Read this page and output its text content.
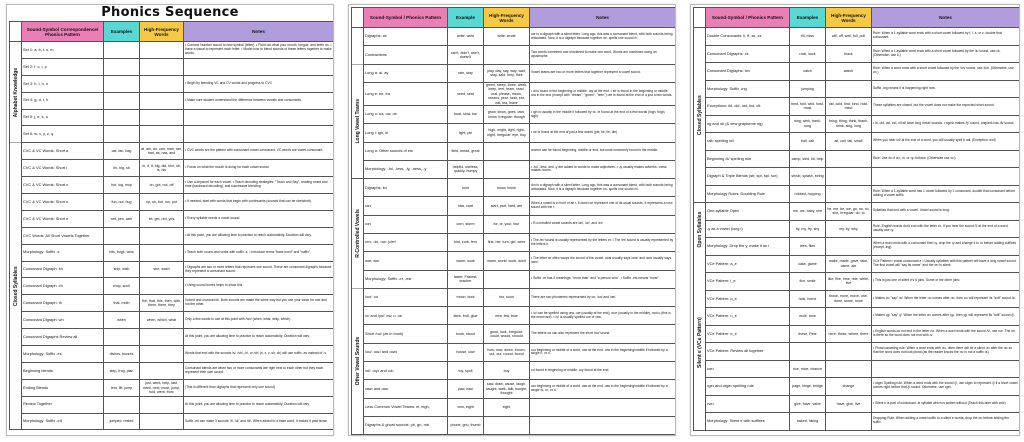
Phonics Sequence
	Sound-Symbol Correspondence/ Phonics Pattern	Examples	High-Frequency Words	Notes
Alphabet Knowledge	Set 1: a, b, t, s, m			• Connect Number sound to new symbol (letter). • Point out what your mouth, tongue, and teeth do. • Have a visual to represent each letter. • Model how to blend sounds of these letters together to make words.
	Set 2: f, c, i, p			
	Set 3: h, l, n, o			• Begin by blending VC and CV words and progress to CVC
	Set 4: g, d, r, h			• Make sure student understand the difference between vowels and consonants.
	Set 5: j, e, k, u			
	Set 6: w, x, y, z, q			
Closed Syllables	CVC & VC Words: Short a	cat, fan, bag	at, am, an, can, man, ran, had, as, has, and	• CVC words are the pattern with consonant-vowel-consonant. VC words are vowel-consonant.
	CVC & VC Words: Short i	fin, big, sit	in, if, it, big, did, him, sit, is, his	• Focus on what the mouth is doing for each vowel sound.
	CVC & VC Words: Short o	hot, log, mop	on, got, not, off	• Use a keyword for each vowel. • Teach decoding strategies: "Touch and Say", reading onset and rime (backward decoding), and successive blending
	CVC & VC Words: Short u	fun, nut, hug	up, us, but, run, put	• If needed, start with words that begin with continuants (sounds that can be stretched).
	CVC & VC Words: Short e	net, pen, web	let, get, red, yes	• Every syllable needs a vowel sound.
	CVC Words: All Short Vowels Together			• At this point, you are allowing time to practice to reach automaticity. Duration will vary.
	Morphology: Suffix -s	hits, bugs, wins		• Teach both nouns and verbs with suffix -s. • Introduce terms "base word" and "suffix".
	Consonant Digraph: sh	ship, wish	she, wash	• Digraphs are two or more letters that represent one sound. These are consonant digraphs because they represent a consonant sound.
	Consonant Digraph: ch	chop, such		• Using sound boxes helps to show this
	Consonant Digraph: th	that, moth	the, that, this, then, with, them, there, they	Voiced and unvoiced th. Both sounds are made the same way but you use your voice for one and not the other.
	Consonant Digraph: wh	when	when, which, what	Only a few words to use at this point with /wh/ (when, what, whip, which).
	Consonant Digraphs Review all			At this point, you are allowing time to practice to reach automaticity. Duration will vary.
	Morphology: Suffix -es	dishes, buzzes		Words that end with the sounds /s/, /sh/, /z/, or /ch/ (s, x, z, sh, ch) will use suffix -es instead of -s
	Beginning blends	step, frog, plan		Consonant blends are when two or more consonants are right next to each other but they each represent their own sound.
	Ending Blends	tent, lift, jump	just, went, help, last, want, next, must, jump, told, went, from	(This is different than digraphs that represent only one sound)
	Review Together			At this point, you are allowing time to practice to reach automaticity. Duration will vary.
	Morphology: Suffix -ed	jumped, rested		Suffix -ed can make 3 sounds: /t/, /d/, and /id/. When added to a base word, it makes it past tense.
	Sound-Symbol / Phonics Pattern	Example	High-Frequency Words	Notes
	Digraphs: wr	write, wrist	write, wrote	•wr is a digraph with a silent letter. Long ago, this was a consonant blend, with both sounds being articulated. Now, it is a digraph because together wr- spells one sound /r/.
	Contractions	can't, didn't, won't, doesn't		Two words combined and shortened to make one word. Words are combined using an apostrophe.
Long Vowel Teams	Long a: ai, ay	rain, stay	play, day, say, way, wait, stay, said, they, their	Vowel teams are two or more letters that together represent a vowel sound.
	Long e: ee, ea	seed, seat	green, sleep, three, week, keep, feet, team, read, real, please, mean, means, year, hear, ear, eat, tea, leave	• ai is found in the beginning or middle. •ay at the end. • ee is found in the beginning or middle. •ea in the end (except with "dream", "green", "teen") •ee is found at the end of a just a few words.
	Long o: oa, ow, oe	boat, slow, toe	grow, show, goes, own, know, Irregular: though	• igh is usually in the middle if followed by •t•. Ie found at the end of a few words (high, thigh, sigh).
	Long i: igh, ie	light, pie	high, might, light, right, night, Irregular: eye, buy	• ue is found at the end of just a few words (pie, tie, lie, die)
	Long u: Other sounds of ew	field, bread, great		•ew/ue can be found beginning, middle or end, but most commonly found in the middle.
	Morphology: -ful, -less, -ly, -ness, -y	helpful, useless, quickly, bumpy		• -ful, -less, and -y are added to words to make adjectives. • -ly usually makes adverbs. •ness makes nouns.
R-Controlled Vowels	Digraphs: kn	knot	know, knew	•kn is a digraph with a silent letter. Long ago, this was a consonant blend, with both sounds being articulated. Now, it is a digraph because together kn- spells one sound /n/.
	•ar•	star, card	start, part, hard, are	When a vowel is in front of an r, it does not represent one of its usual sounds. It represents a new sound with the r.
	•or•	corn, storm	for, or, your, four	• R-controlled vowel sounds are /ar/, /or/, and /er/
	•er•, •ir•, •ur• (•/er/	bird, curb, fern	first, her, turn, girl, were	• The /er/ sound is usually represented by the letters er. • The /er/ sound is usually represented by the letters ir.
	war, wor	warm, work	warm, world, work, word	• The letter wr often warps the sound of the vowel. •war usually says /wor/ and •wor usually says /wer/.
	Morphology: Suffix -er, -est	faster, Fastest, teacher		• Suffix -er has 2 meanings: "more than" and "a person who". • Suffix -est means "most".
Other Vowel Sounds	/oo/: oo	moon, boot	too, soon	There are two phonemes represented by oo: /oo/ and /ue/.
	/u/ and /yu/: ew, u, ue	stew, fruit, glue	new, few, blue	• /u/ can be spelled using •ew, •ue (usually at the end), •u•e (usually in the middle), and u (this is the most rare). • /u/ is usually spelled •ue or •ew.
	Short /oo/ (as in book)	book, stood	good, look, Irregular: could, would, should	The letters oo can also represent the short /oo/ sound.
	/ou/: •ou• and •ow•	house, cow	how, now, down, brown, out, our, round, found	•ou beginning or middle of a word. •ow at the end. •ow in the beginning/middle if followed by a single n, or •l.
	/oi/: •oy• and •oi•	toy, spoil	boy	•oi found in beginning or middle. •oy found at the end.
	•aw• and •au•	paw, haul	saw, draw, cause, laugh, caught, walk, talk, bought, thought	•au beginning or middle of a word. •aw at the end. •aw in the beginning/middle if followed by a single •k, •n, or •l.
	Less Common Vowel Teams: ei, eigh,	vein, eight	eight	
	Digraphs & ghost sounds: ph, gn, mb	phone, gnu, thumb		
	Sound-Symbol / Phonics Pattern	Examples	High-Frequency Words	Notes
Closed Syllables	Double Consonants: ll, ff, ss, zz	fill, miss	will, off, well, full, pull	Rule: When a 1-syllable word ends with a short vowel followed by f, l, s, or z, double that consonant.
	Consonant Digraphs: ck	rock, sock	black	Rule: When a 1-syllable word ends with a short vowel followed by the /k/ sound, use ck. (Otherwise, use k.)
	Consonant Digraphs: tch	catch	watch	Rule: When a word ends with a short vowel followed by the /ch/ sound, use •tch. (Otherwise, use ch.)
	Morphology: Suffix -ing	jumping		Suffix -ing means it is happening right now.
	Exceptions: ild, old, ost, ind, olt	bind, fold, wild, host, most	old, cold, find, kind, hold, mind	These syllables are closed, but the vowel does not make the expected short sound.
	ng and nk (& new grapheme ng)	sing, wink, bank, rung	bring, thing, think, thank, drink, sing, long	• ld, old, ost, ind, olt all have long vowel sounds. • ng/nk makes /ŋ/ sound, ang/ank has /ā/ sound.
	•all• spelling /ol/	ball, call	all, call, tall, small	When you hear /ol/ at the end of a word, you will usually spell it •all. (Exception: doll)
	Beginning /k/ spelling rule	camp, sled, kit, help		Rule: Use •k• if •e•, •i•, or •y• follows. (Otherwise use •c•).
	Digraph & Triple Blends (str, spr, spl, scr)	shrub, splash, string		
	Morphology Rules: Doubling Rule	robbed, hopping		Rule: When a 1-syllable word has 1 vowel followed by 1 consonant, double that consonant before adding a vowel suffix.
Open Syllables	One-syllable Open	me, we, baby, she	he, me, be, we, go, no, so, she, Irregular: do, to	Syllables that end with a vowel. Vowel sound is long.
	-y as a vowel (long i)	by, my, fry, shy	my, by, why	Rule: English words don't end with the letter •i•. If you hear the sound /ī/ at the end of a word, usually use •y.
	Morphology: Drop the y, make it an i	tries, flies		When a word ends with a consonant then •y, drop the •y and change it to •i• before adding suffixes (except -ing).
Silent e (VCe Pattern)	VCe Pattern: a_e	cake, game	make, made, gave, take, came, ate	VCe Pattern= vowel-consonant-e • Usually syllables with this pattern will have a long vowel sound. The first vowel will "say its name" and the •e• is silent.
	VCe Pattern: i_e	five, smile	like, five, time, ride, white, live	• This is just one of silent e's 6 jobs. Some of the other jobs:
	VCe Pattern: o_e	hole, home	those, more, move, one, done, some, none	• Makes •c• "say" /s/. When the letter •c• comes after •e•, then •c• will represent its "soft" sound /s/.
	VCe Pattern: u_e	mule, tune		• Makes •g• "say" /j/. When the letter •e• comes after •g•, then •g• will represent its "soft" sound /j/.
	VCe Pattern: e_e	these, Pete	here, these, where, there	• English words do not end in the letter •v•. When a word ends with the sound /v/, use •ve. The •e• is there so the word does not end with •v.
	VCe Pattern: Review all together			• Plural canceling rule: When a word ends with •s•, often there will be a silent •e• after the •s• so that the word does not look plural (as the reader knows the •s• is not a suffix •s).
	•ce•	rice, mice, chance		
	•ge• and •dge• spelling rule	page, hinge, bridge	change	• •dge• Spelling rule: When a word ends with the sound /j/, use •dge• to represent /j/ if a short vowel comes right before that /j/ sound. Otherwise, use •ge•.
	•ve•	give, have, valve	have, give, live	• Silent e is part of consonant -le syllable which is written without (Teach this later with cvle)
	Morphology: Silent e with suffixes	baked, hiking		Dropping Rule: When adding a vowel suffix to a silent e words, drop the •e• before adding the suffix.
